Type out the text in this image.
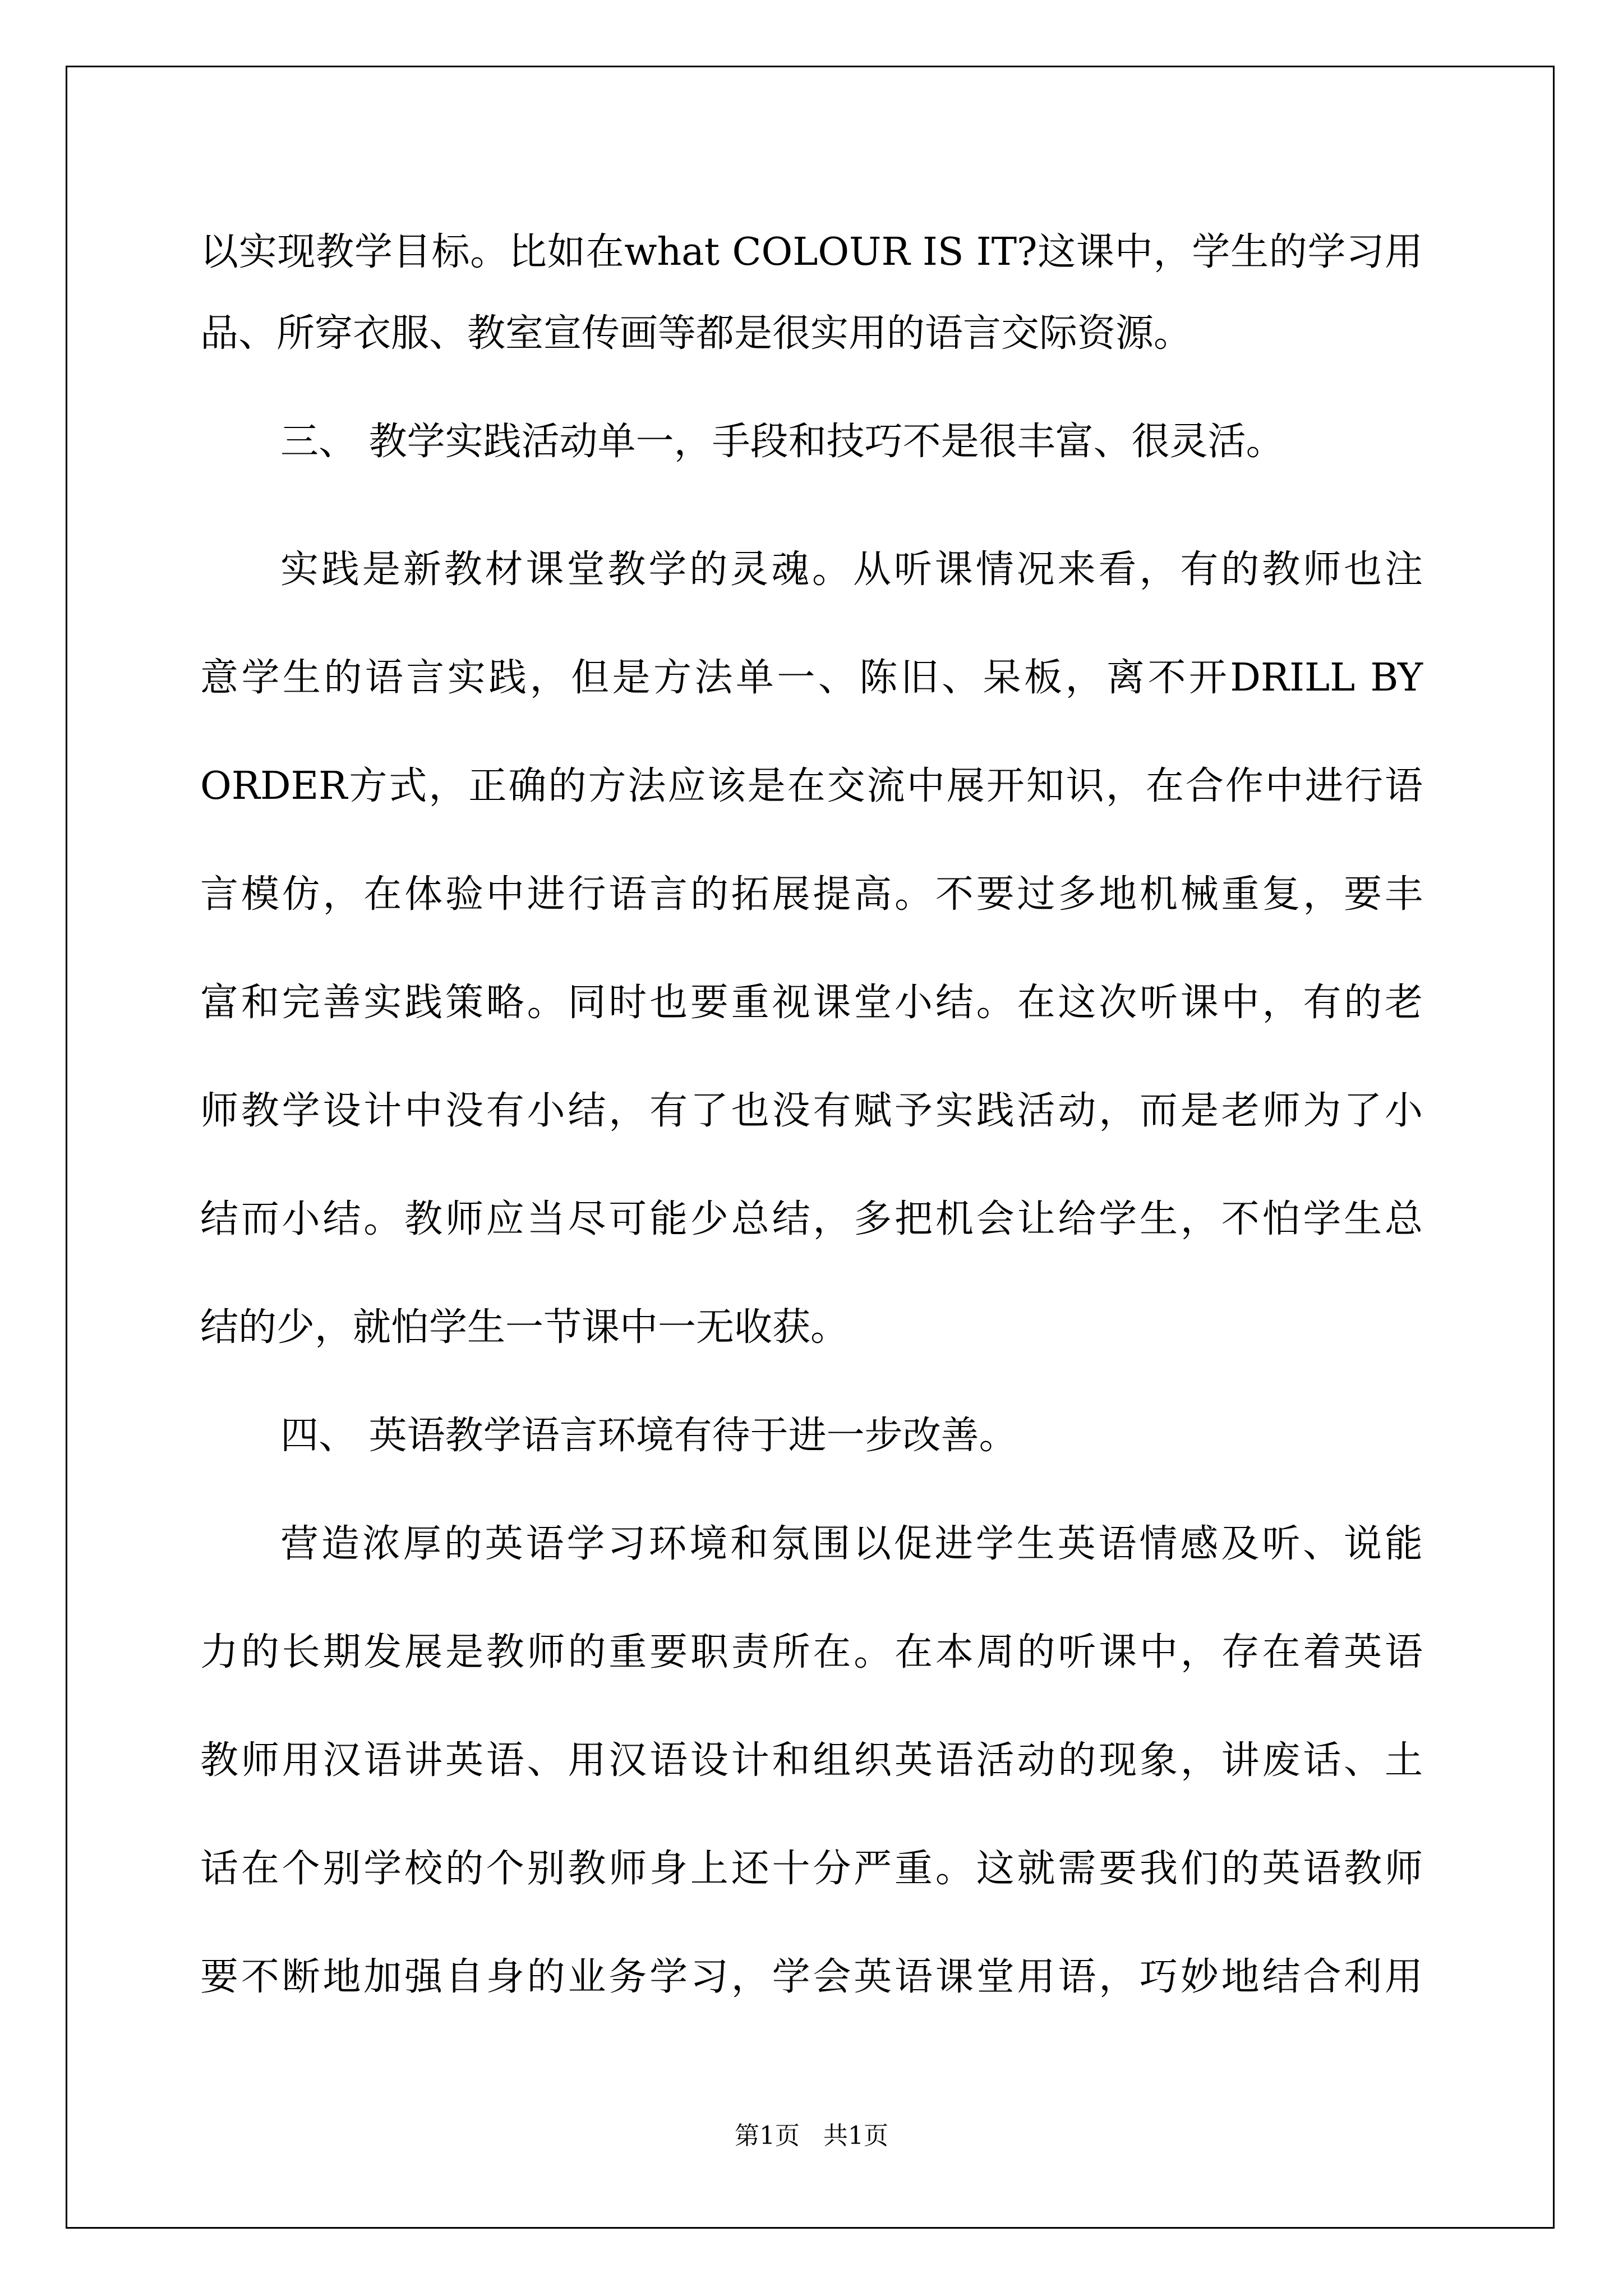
以实现教学目标。比如在what COLOUR IS IT?这课中，学生的学习用
品、所穿衣服、教室宣传画等都是很实用的语言交际资源。
三、 教学实践活动单一，手段和技巧不是很丰富、很灵活。
实践是新教材课堂教学的灵魂。从听课情况来看，有的教师也注
意学生的语言实践，但是方法单一、陈旧、呆板，离不开DRILL BY
ORDER方式，正确的方法应该是在交流中展开知识，在合作中进行语
言模仿，在体验中进行语言的拓展提高。不要过多地机械重复，要丰
富和完善实践策略。同时也要重视课堂小结。在这次听课中，有的老
师教学设计中没有小结，有了也没有赋予实践活动，而是老师为了小
结而小结。教师应当尽可能少总结，多把机会让给学生，不怕学生总
结的少，就怕学生一节课中一无收获。
四、 英语教学语言环境有待于进一步改善。
营造浓厚的英语学习环境和氛围以促进学生英语情感及听、说能
力的长期发展是教师的重要职责所在。在本周的听课中，存在着英语
教师用汉语讲英语、用汉语设计和组织英语活动的现象，讲废话、土
话在个别学校的个别教师身上还十分严重。这就需要我们的英语教师
要不断地加强自身的业务学习，学会英语课堂用语，巧妙地结合利用
第1页   共1页
